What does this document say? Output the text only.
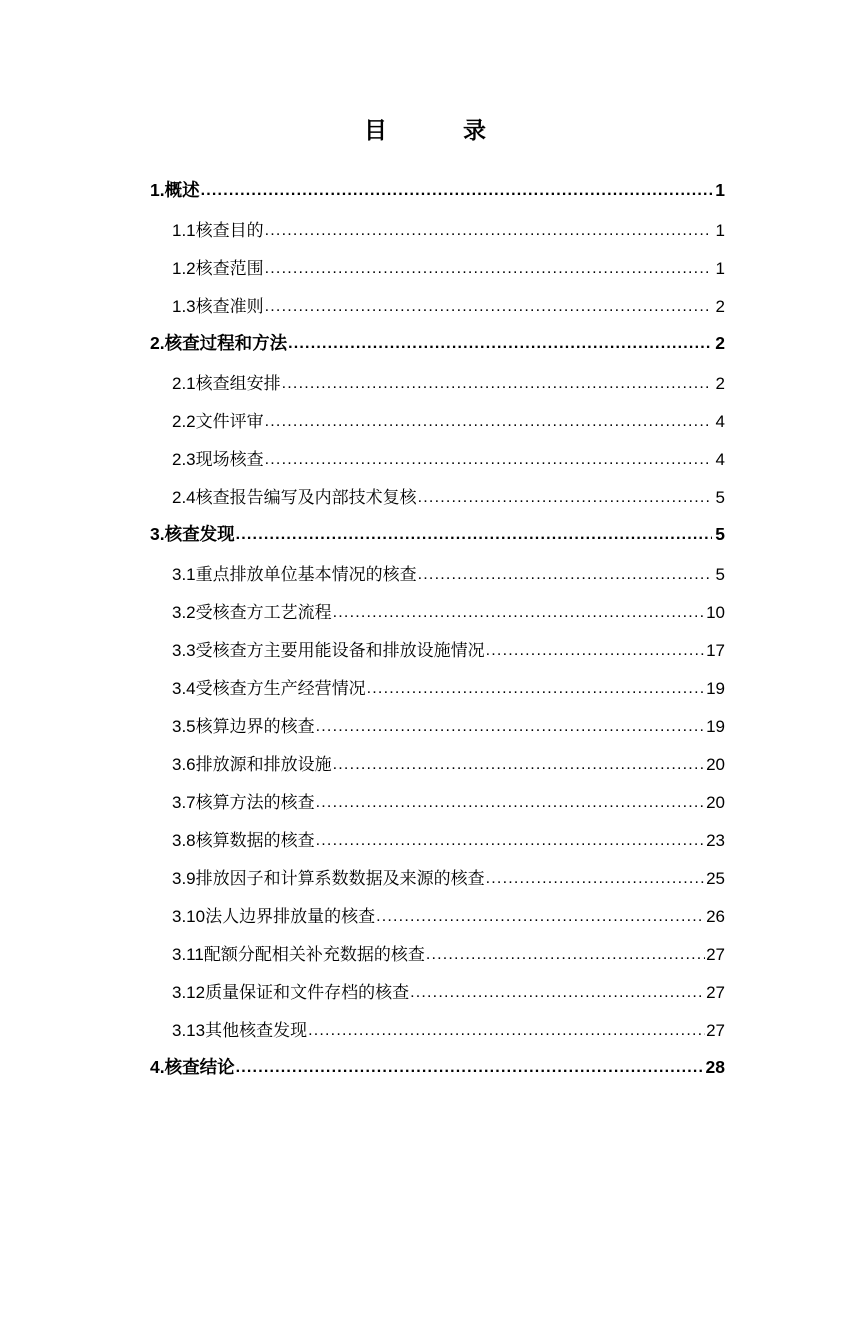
目　　录
1.概述 .....	1
1.1核查目的 .....	1
1.2核查范围 .....	1
1.3核查准则 .....	2
2.核查过程和方法 .....	2
2.1核查组安排 .....	2
2.2文件评审 .....	4
2.3现场核查 .....	4
2.4核查报告编写及内部技术复核 .....	5
3.核查发现 .....	5
3.1重点排放单位基本情况的核查 .....	5
3.2受核查方工艺流程 .....	10
3.3受核查方主要用能设备和排放设施情况 .....	17
3.4受核查方生产经营情况 .....	19
3.5核算边界的核查 .....	19
3.6排放源和排放设施 .....	20
3.7核算方法的核查 .....	20
3.8核算数据的核查 .....	23
3.9排放因子和计算系数数据及来源的核查 .....	25
3.10法人边界排放量的核查 .....	26
3.11配额分配相关补充数据的核查 .....	27
3.12质量保证和文件存档的核查 .....	27
3.13其他核查发现 .....	27
4.核查结论 .....	28
